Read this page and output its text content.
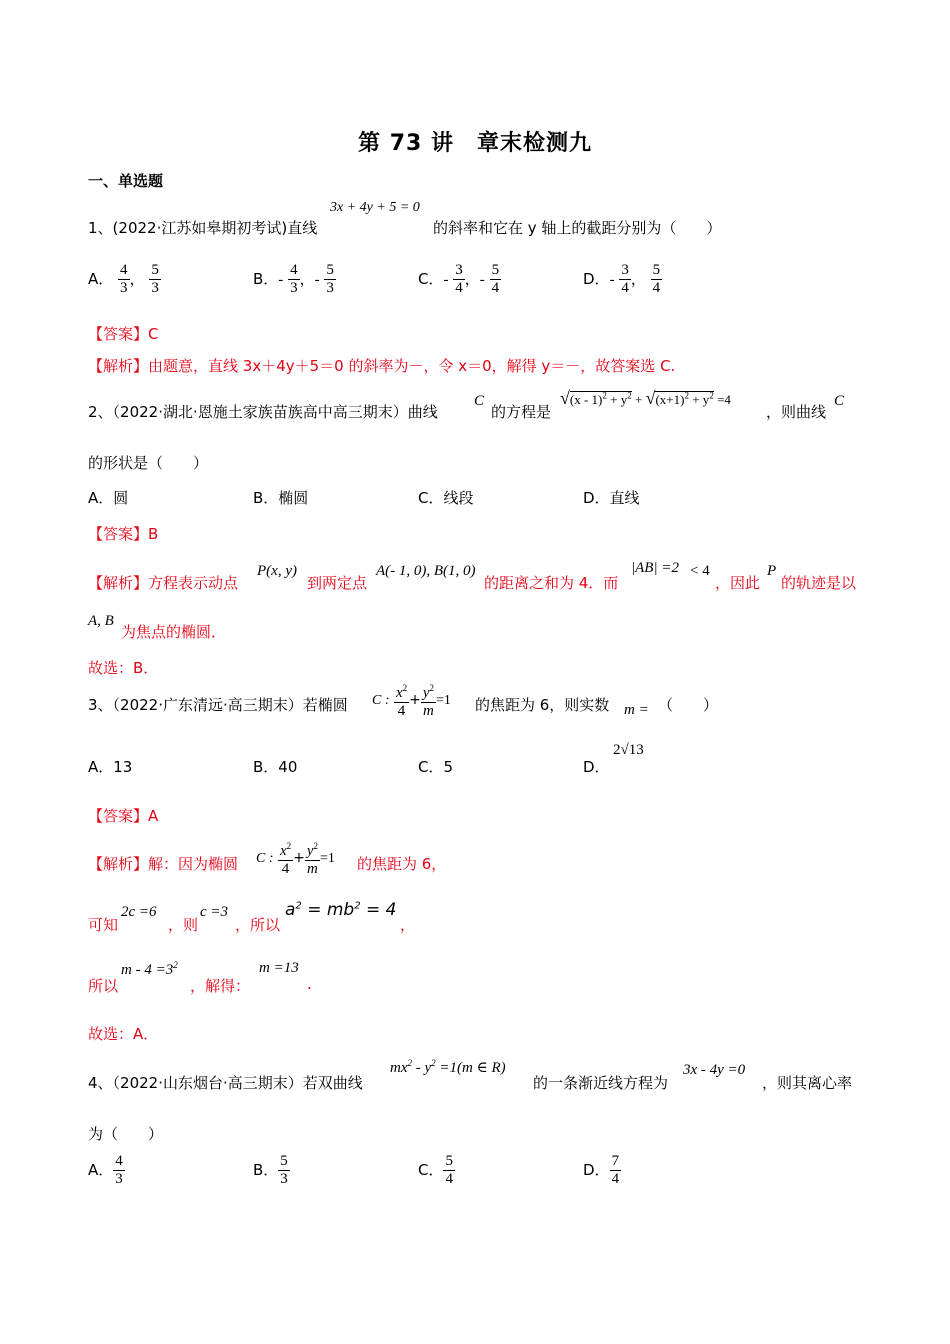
第 73 讲　章末检测九
一、单选题
1、(2022·江苏如皋期初考试)直线
3x + 4y + 5 = 0
的斜率和它在 y 轴上的截距分别为（　　）
A． $\frac{4}{3}$ ， $\frac{5}{3}$	B．- $\frac{4}{3}$ ，- $\frac{5}{3}$	C．- $\frac{3}{4}$ ，- $\frac{5}{4}$	D．- $\frac{3}{4}$ ， $\frac{5}{4}$
【答案】C
【解析】由题意，直线 3x＋4y＋5＝0 的斜率为－，令 x＝0，解得 y＝－，故答案选 C.
2、（2022·湖北·恩施土家族苗族高中高三期末）曲线
C
的方程是
$√(x - 1)^2 + y^2 + √(x+1)^2 + y^2 =4$
，则曲线
C
的形状是（　　）
A．圆	B．椭圆	C．线段	D．直线
【答案】B
【解析】方程表示动点
P(x, y)
到两定点
A(- 1, 0), B(1, 0)
的距离之和为 4．而
|AB| =2 < 4
，因此
P
的轨迹是以
A, B
为焦点的椭圆．
故选：B．
3、（2022·广东清远·高三期末）若椭圆 C : $\frac{x^2}{4} + \frac{y^2}{m} =1$ 的焦距为 6，则实数 m = （　　）
A．13	B．40	C．5	D．
2√13
【答案】A
【解析】解：因为椭圆 C : $\frac{x^2}{4} + \frac{y^2}{m} =1$ 的焦距为 6，
可知
2c =6
，则
c =3
，所以
$a^2 = mb^2 = 4$
，
所以
$m - 4 =3^2$
，解得：
m =13
.
故选：A．
4、（2022·山东烟台·高三期末）若双曲线
$mx^2 - y^2 =1(m$ ∈ R)
的一条渐近线方程为
3x - 4y =0
，则其离心率
为（　　）
A． $\frac{4}{3}$	B． $\frac{5}{3}$	C． $\frac{5}{4}$	D． $\frac{7}{4}$
